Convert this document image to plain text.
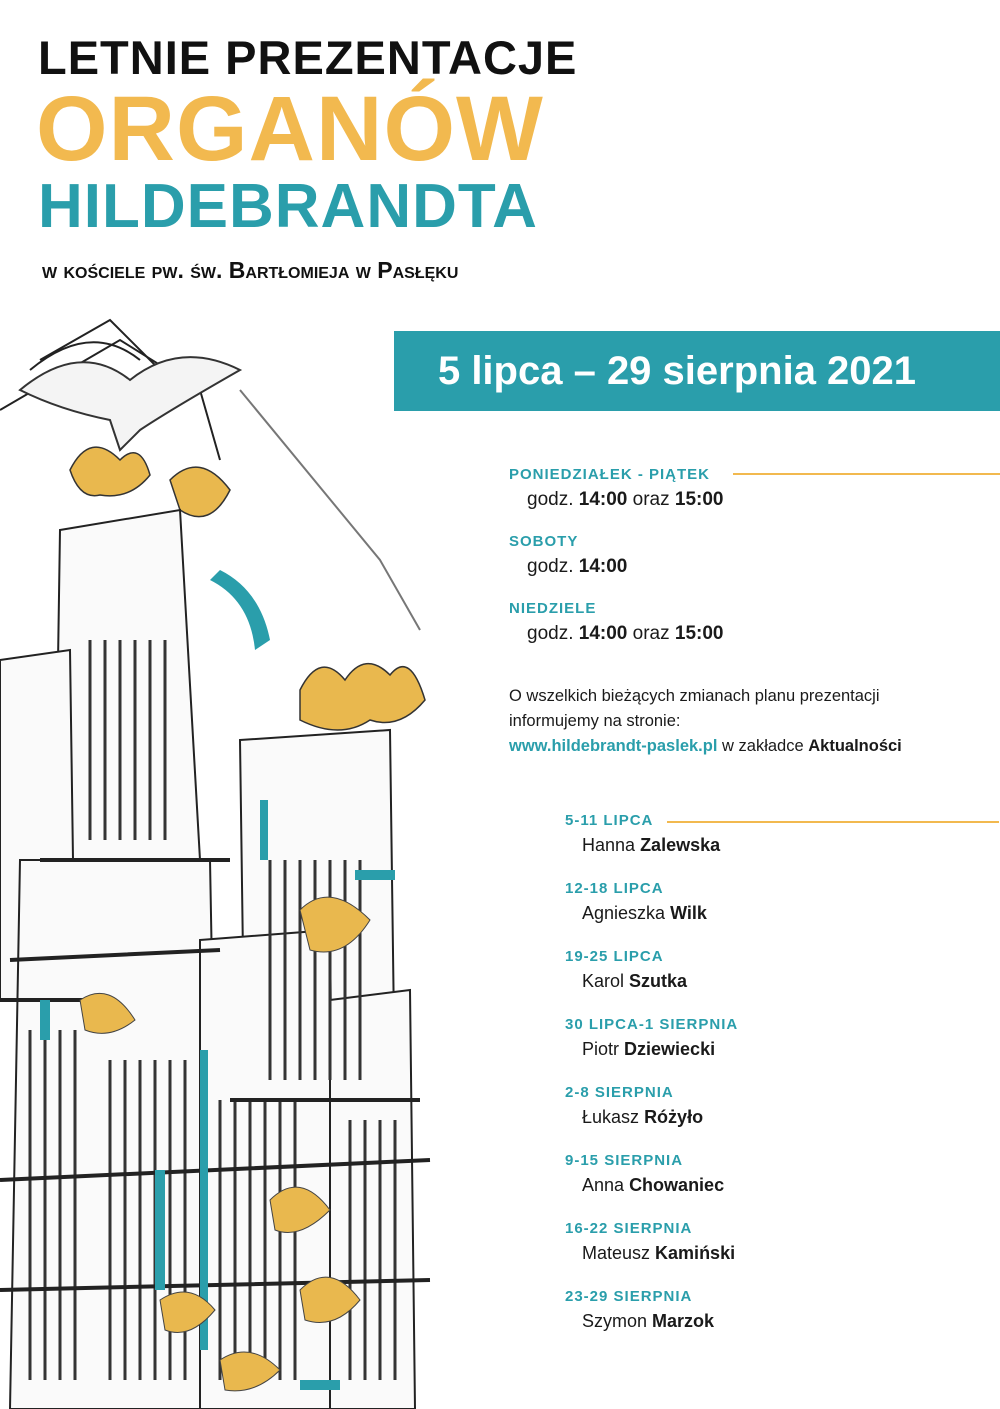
LETNIE PREZENTACJE
ORGANÓW
HILDEBRANDTA
w kościele pw. św. Bartłomieja w Pasłęku
5 lipca – 29 sierpnia 2021
PONIEDZIAŁEK - PIĄTEK
godz. 14:00 oraz 15:00
SOBOTY
godz. 14:00
NIEDZIELE
godz. 14:00 oraz 15:00
O wszelkich bieżących zmianach planu prezentacji
informujemy na stronie:
www.hildebrandt-paslek.pl w zakładce Aktualności
5-11 LIPCA
Hanna Zalewska
12-18 LIPCA
Agnieszka Wilk
19-25 LIPCA
Karol Szutka
30 LIPCA-1 SIERPNIA
Piotr Dziewiecki
2-8 SIERPNIA
Łukasz Różyło
9-15 SIERPNIA
Anna Chowaniec
16-22 SIERPNIA
Mateusz Kamiński
23-29 SIERPNIA
Szymon Marzok
